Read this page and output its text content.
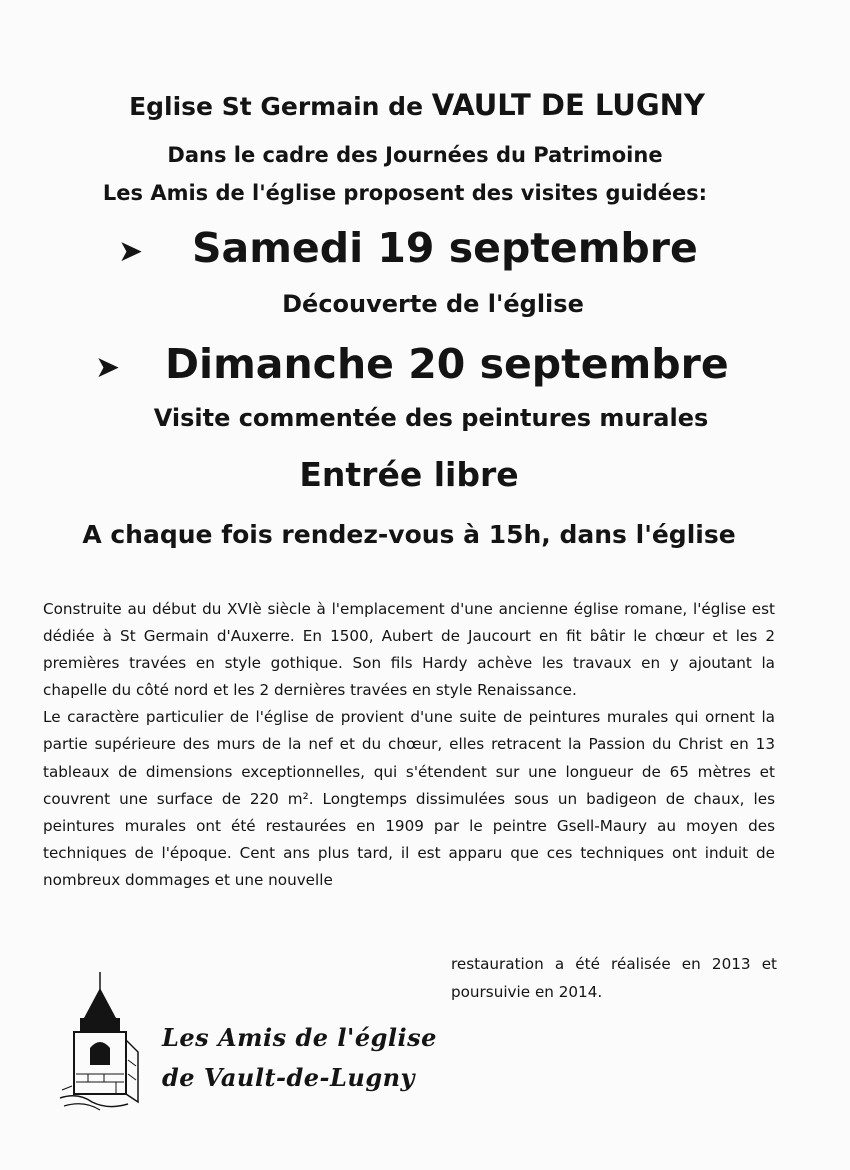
Eglise St Germain de VAULT DE LUGNY
Dans le cadre des Journées du Patrimoine
Les Amis de l'église proposent des visites guidées:
➤ Samedi 19 septembre
Découverte de l'église
➤ Dimanche 20 septembre
Visite commentée des peintures murales
Entrée libre
A chaque fois rendez-vous à 15h, dans l'église

Construite au début du XVIè siècle à l'emplacement d'une ancienne église romane, l'église est dédiée à St Germain d'Auxerre. En 1500, Aubert de Jaucourt en fit bâtir le chœur et les 2 premières travées en style gothique. Son fils Hardy achève les travaux en y ajoutant la chapelle du côté nord et les 2 dernières travées en style Renaissance.

Le caractère particulier de l'église de provient d'une suite de peintures murales qui ornent la partie supérieure des murs de la nef et du chœur, elles retracent la Passion du Christ en 13 tableaux de dimensions exceptionnelles, qui s'étendent sur une longueur de 65 mètres et couvrent une surface de 220 m². Longtemps dissimulées sous un badigeon de chaux, les peintures murales ont été restaurées en 1909 par le peintre Gsell-Maury au moyen des techniques de l'époque. Cent ans plus tard, il est apparu que ces techniques ont induit de nombreux dommages et une nouvelle

restauration a été réalisée en 2013 et poursuivie en 2014.
Les Amis de l'église
de Vault-de-Lugny
